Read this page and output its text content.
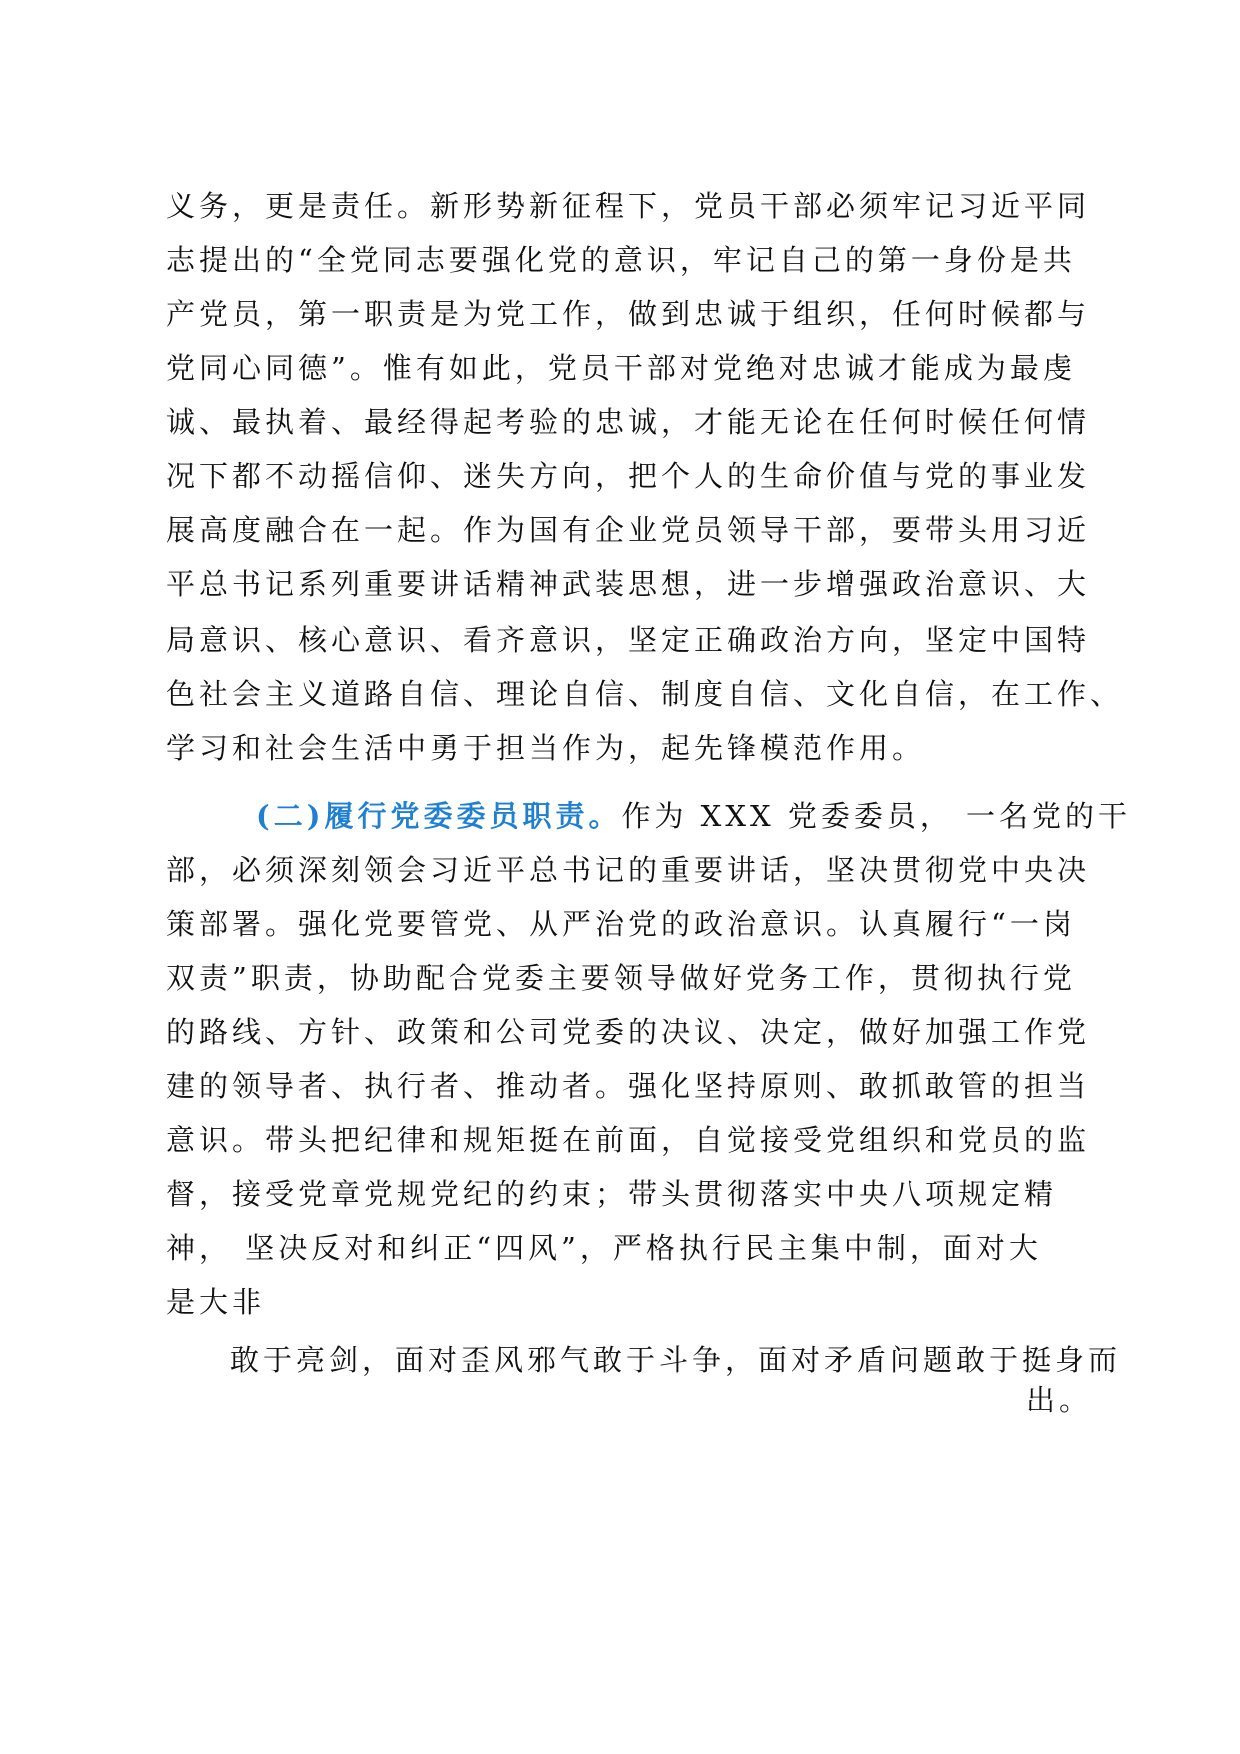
义务，更是责任。新形势新征程下，党员干部必须牢记习近平同
志提出的“全党同志要强化党的意识，牢记自己的第一身份是共
产党员，第一职责是为党工作，做到忠诚于组织，任何时候都与
党同心同德”。惟有如此，党员干部对党绝对忠诚才能成为最虔
诚、最执着、最经得起考验的忠诚，才能无论在任何时候任何情
况下都不动摇信仰、迷失方向，把个人的生命价值与党的事业发
展高度融合在一起。作为国有企业党员领导干部，要带头用习近
平总书记系列重要讲话精神武装思想，进一步增强政治意识、大
局意识、核心意识、看齐意识，坚定正确政治方向，坚定中国特
色社会主义道路自信、理论自信、制度自信、文化自信，在工作、
学习和社会生活中勇于担当作为，起先锋模范作用。
(二)履行党委委员职责。作为 XXX 党委委员， 一名党的干
部，必须深刻领会习近平总书记的重要讲话，坚决贯彻党中央决
策部署。强化党要管党、从严治党的政治意识。认真履行“一岗
双责”职责，协助配合党委主要领导做好党务工作，贯彻执行党
的路线、方针、政策和公司党委的决议、决定，做好加强工作党
建的领导者、执行者、推动者。强化坚持原则、敢抓敢管的担当
意识。带头把纪律和规矩挺在前面，自觉接受党组织和党员的监
督，接受党章党规党纪的约束；带头贯彻落实中央八项规定精
神， 坚决反对和纠正“四风”，严格执行民主集中制，面对大
是大非
敢于亮剑，面对歪风邪气敢于斗争，面对矛盾问题敢于挺身而
出。
